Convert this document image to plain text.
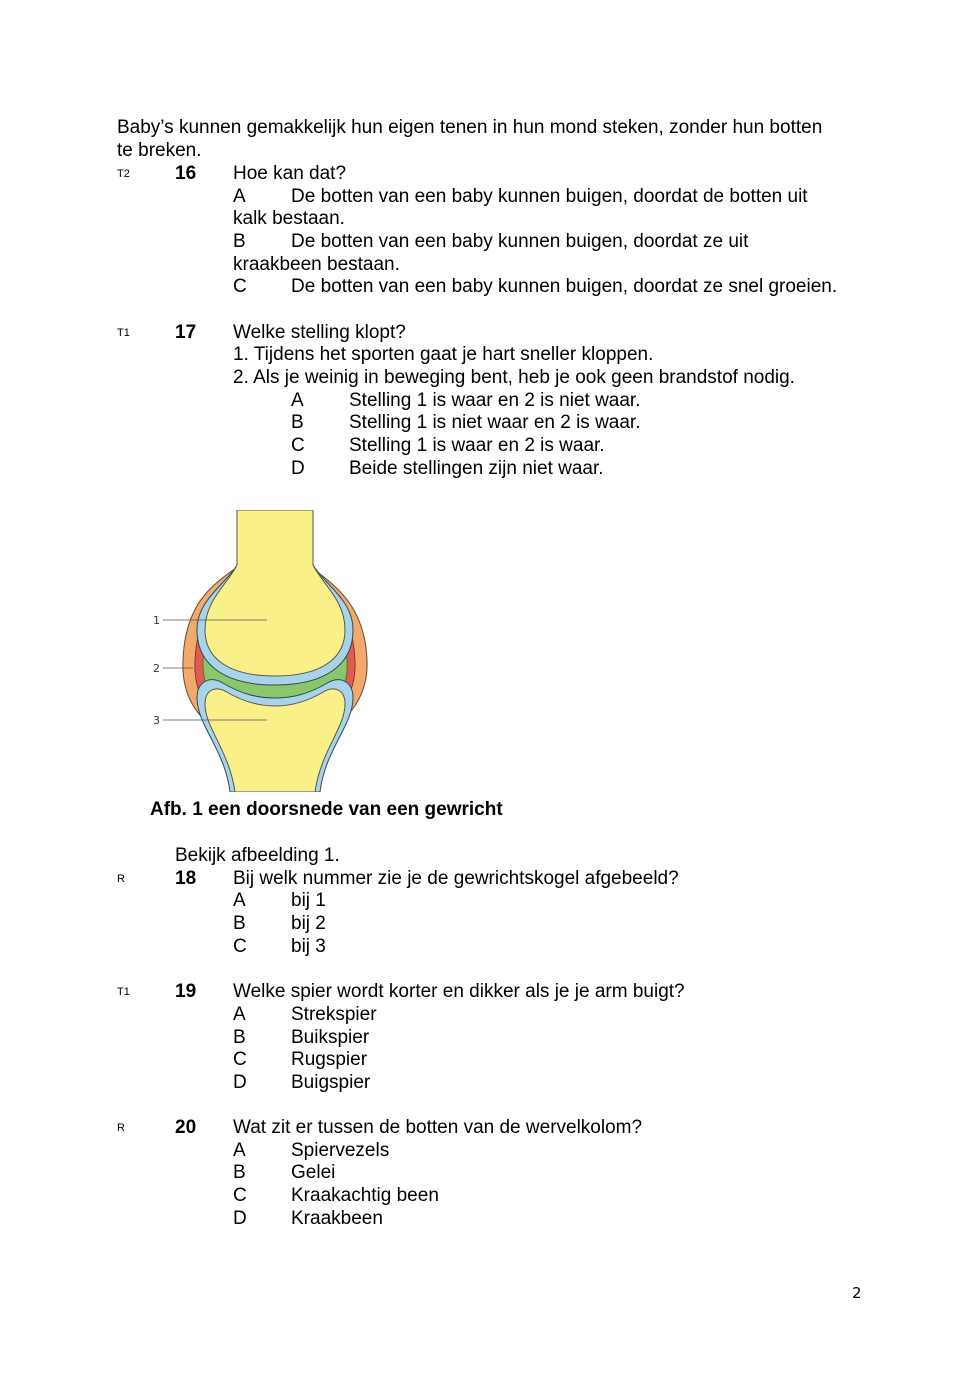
Baby’s kunnen gemakkelijk hun eigen tenen in hun mond steken, zonder hun botten
te breken.
T2 16 Hoe kan dat?
A De botten van een baby kunnen buigen, doordat de botten uit
kalk bestaan.
B De botten van een baby kunnen buigen, doordat ze uit
kraakbeen bestaan.
C De botten van een baby kunnen buigen, doordat ze snel groeien.
T1 17 Welke stelling klopt?
1. Tijdens het sporten gaat je hart sneller kloppen.
2. Als je weinig in beweging bent, heb je ook geen brandstof nodig.
A Stelling 1 is waar en 2 is niet waar.
B Stelling 1 is niet waar en 2 is waar.
C Stelling 1 is waar en 2 is waar.
D Beide stellingen zijn niet waar.
1
2
3
Afb. 1 een doorsnede van een gewricht
Bekijk afbeelding 1.
R	18 Bij welk nummer zie je de gewrichtskogel afgebeeld?
A bij 1
B bij 2
C bij 3
T1 19 Welke spier wordt korter en dikker als je je arm buigt?
A Strekspier
B Buikspier
C Rugspier
D Buigspier
R	20 Wat zit er tussen de botten van de wervelkolom?
A Spiervezels
B Gelei
C Kraakachtig been
D Kraakbeen
2
